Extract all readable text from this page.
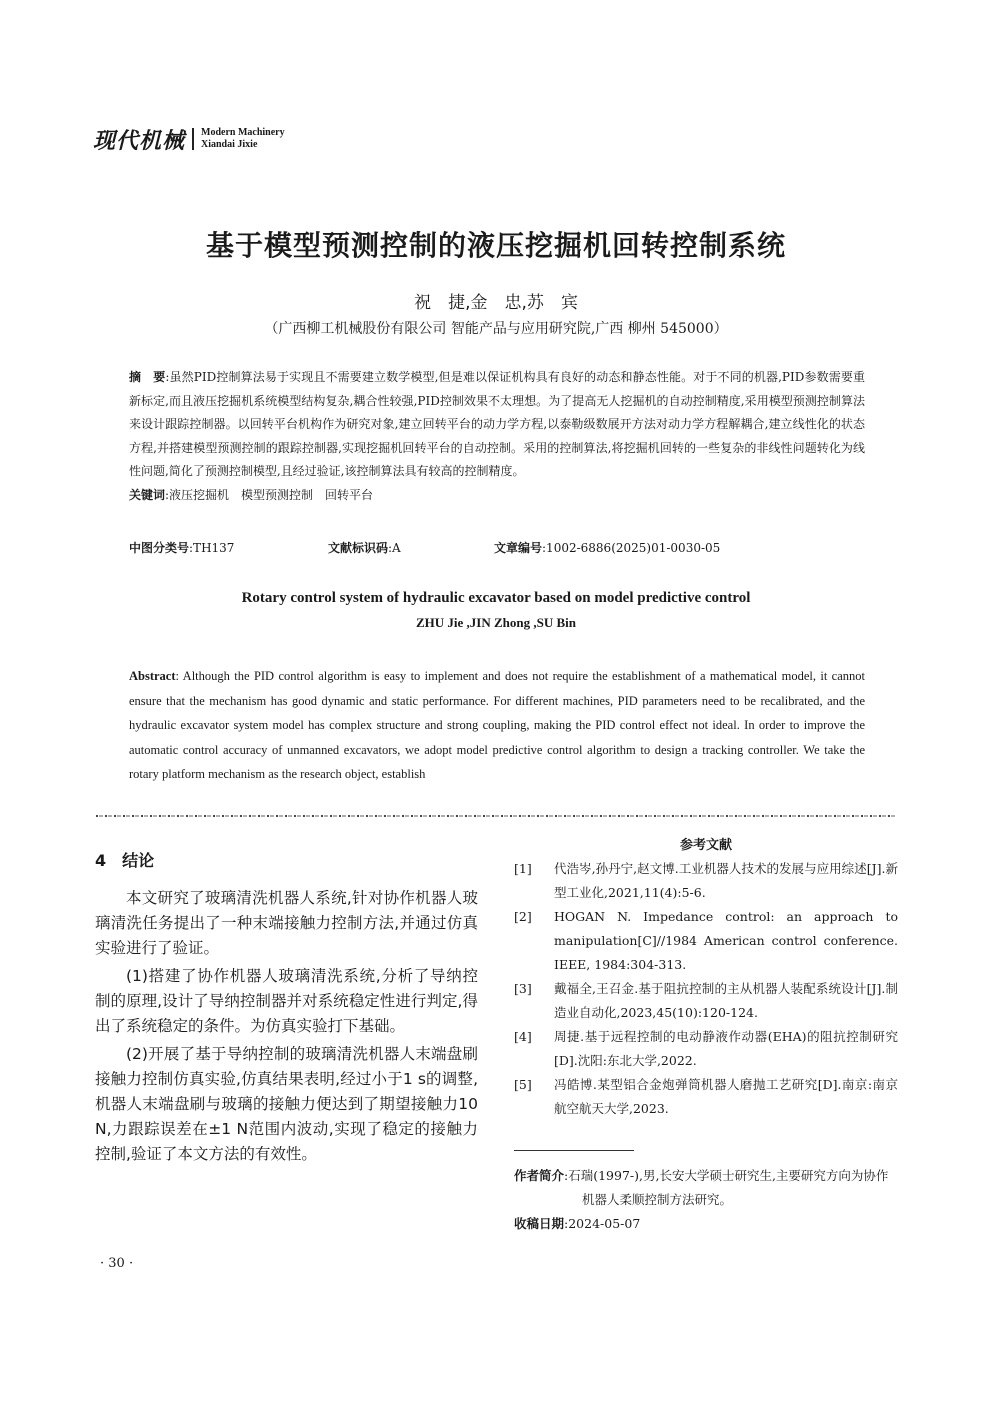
现代机械 Modern Machinery
Xiandai Jixie
基于模型预测控制的液压挖掘机回转控制系统
祝　捷,金　忠,苏　宾
（广西柳工机械股份有限公司 智能产品与应用研究院,广西 柳州 545000）
摘　要:虽然PID控制算法易于实现且不需要建立数学模型,但是难以保证机构具有良好的动态和静态性能。对于不同的机器,PID参数需要重新标定,而且液压挖掘机系统模型结构复杂,耦合性较强,PID控制效果不太理想。为了提高无人挖掘机的自动控制精度,采用模型预测控制算法来设计跟踪控制器。以回转平台机构作为研究对象,建立回转平台的动力学方程,以泰勒级数展开方法对动力学方程解耦合,建立线性化的状态方程,并搭建模型预测控制的跟踪控制器,实现挖掘机回转平台的自动控制。采用的控制算法,将挖掘机回转的一些复杂的非线性问题转化为线性问题,简化了预测控制模型,且经过验证,该控制算法具有较高的控制精度。
关键词:液压挖掘机　模型预测控制　回转平台
中图分类号:TH137	文献标识码:A	文章编号:1002-6886(2025)01-0030-05
Rotary control system of hydraulic excavator based on model predictive control
ZHU Jie ,JIN Zhong ,SU Bin
Abstract: Although the PID control algorithm is easy to implement and does not require the establishment of a mathematical model, it cannot ensure that the mechanism has good dynamic and static performance. For different machines, PID parameters need to be recalibrated, and the hydraulic excavator system model has complex structure and strong coupling, making the PID control effect not ideal. In order to improve the automatic control accuracy of unmanned excavators, we adopt model predictive control algorithm to design a tracking controller. We take the rotary platform mechanism as the research object, establish
4　结论

本文研究了玻璃清洗机器人系统,针对协作机器人玻璃清洗任务提出了一种末端接触力控制方法,并通过仿真实验进行了验证。

(1)搭建了协作机器人玻璃清洗系统,分析了导纳控制的原理,设计了导纳控制器并对系统稳定性进行判定,得出了系统稳定的条件。为仿真实验打下基础。

(2)开展了基于导纳控制的玻璃清洗机器人末端盘刷接触力控制仿真实验,仿真结果表明,经过小于1 s的调整,机器人末端盘刷与玻璃的接触力便达到了期望接触力10 N,力跟踪误差在±1 N范围内波动,实现了稳定的接触力控制,验证了本文方法的有效性。

参考文献
[1] 代浩岑,孙丹宁,赵文博.工业机器人技术的发展与应用综述[J].新型工业化,2021,11(4):5-6.
[2] HOGAN N. Impedance control: an approach to manipulation[C]//1984 American control conference. IEEE, 1984:304-313.
[3] 戴福全,王召金.基于阻抗控制的主从机器人装配系统设计[J].制造业自动化,2023,45(10):120-124.
[4] 周捷.基于远程控制的电动静液作动器(EHA)的阻抗控制研究[D].沈阳:东北大学,2022.
[5] 冯皓博.某型铝合金炮弹筒机器人磨抛工艺研究[D].南京:南京航空航天大学,2023.
作者简介:石瑞(1997-),男,长安大学硕士研究生,主要研究方向为协作机器人柔顺控制方法研究。
收稿日期:2024-05-07
· 30 ·
